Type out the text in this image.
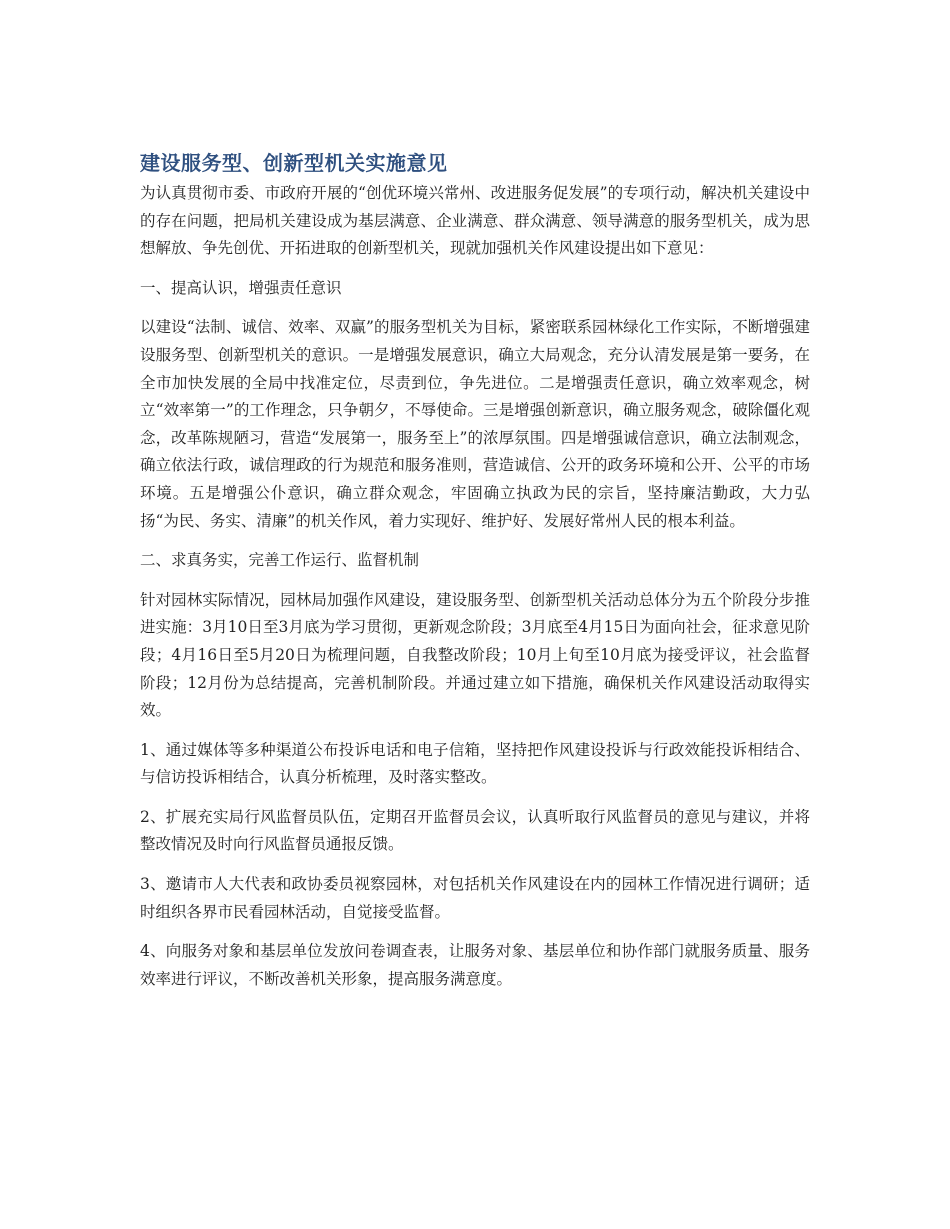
建设服务型、创新型机关实施意见

为认真贯彻市委、市政府开展的“创优环境兴常州、改进服务促发展”的专项行动，解决机关建设中的存在问题，把局机关建设成为基层满意、企业满意、群众满意、领导满意的服务型机关，成为思想解放、争先创优、开拓进取的创新型机关，现就加强机关作风建设提出如下意见：

一、提高认识，增强责任意识

以建设“法制、诚信、效率、双赢”的服务型机关为目标，紧密联系园林绿化工作实际，不断增强建设服务型、创新型机关的意识。一是增强发展意识，确立大局观念，充分认清发展是第一要务，在全市加快发展的全局中找准定位，尽责到位，争先进位。二是增强责任意识，确立效率观念，树立“效率第一”的工作理念，只争朝夕，不辱使命。三是增强创新意识，确立服务观念，破除僵化观念，改革陈规陋习，营造“发展第一，服务至上”的浓厚氛围。四是增强诚信意识，确立法制观念，确立依法行政，诚信理政的行为规范和服务准则，营造诚信、公开的政务环境和公开、公平的市场环境。五是增强公仆意识，确立群众观念，牢固确立执政为民的宗旨，坚持廉洁勤政，大力弘扬“为民、务实、清廉”的机关作风，着力实现好、维护好、发展好常州人民的根本利益。

二、求真务实，完善工作运行、监督机制

针对园林实际情况，园林局加强作风建设，建设服务型、创新型机关活动总体分为五个阶段分步推进实施：3月10日至3月底为学习贯彻，更新观念阶段；3月底至4月15日为面向社会，征求意见阶段；4月16日至5月20日为梳理问题，自我整改阶段；10月上旬至10月底为接受评议，社会监督阶段；12月份为总结提高，完善机制阶段。并通过建立如下措施，确保机关作风建设活动取得实效。

1、通过媒体等多种渠道公布投诉电话和电子信箱，坚持把作风建设投诉与行政效能投诉相结合、与信访投诉相结合，认真分析梳理，及时落实整改。

2、扩展充实局行风监督员队伍，定期召开监督员会议，认真听取行风监督员的意见与建议，并将整改情况及时向行风监督员通报反馈。

3、邀请市人大代表和政协委员视察园林，对包括机关作风建设在内的园林工作情况进行调研；适时组织各界市民看园林活动，自觉接受监督。

4、向服务对象和基层单位发放问卷调查表，让服务对象、基层单位和协作部门就服务质量、服务效率进行评议，不断改善机关形象，提高服务满意度。
